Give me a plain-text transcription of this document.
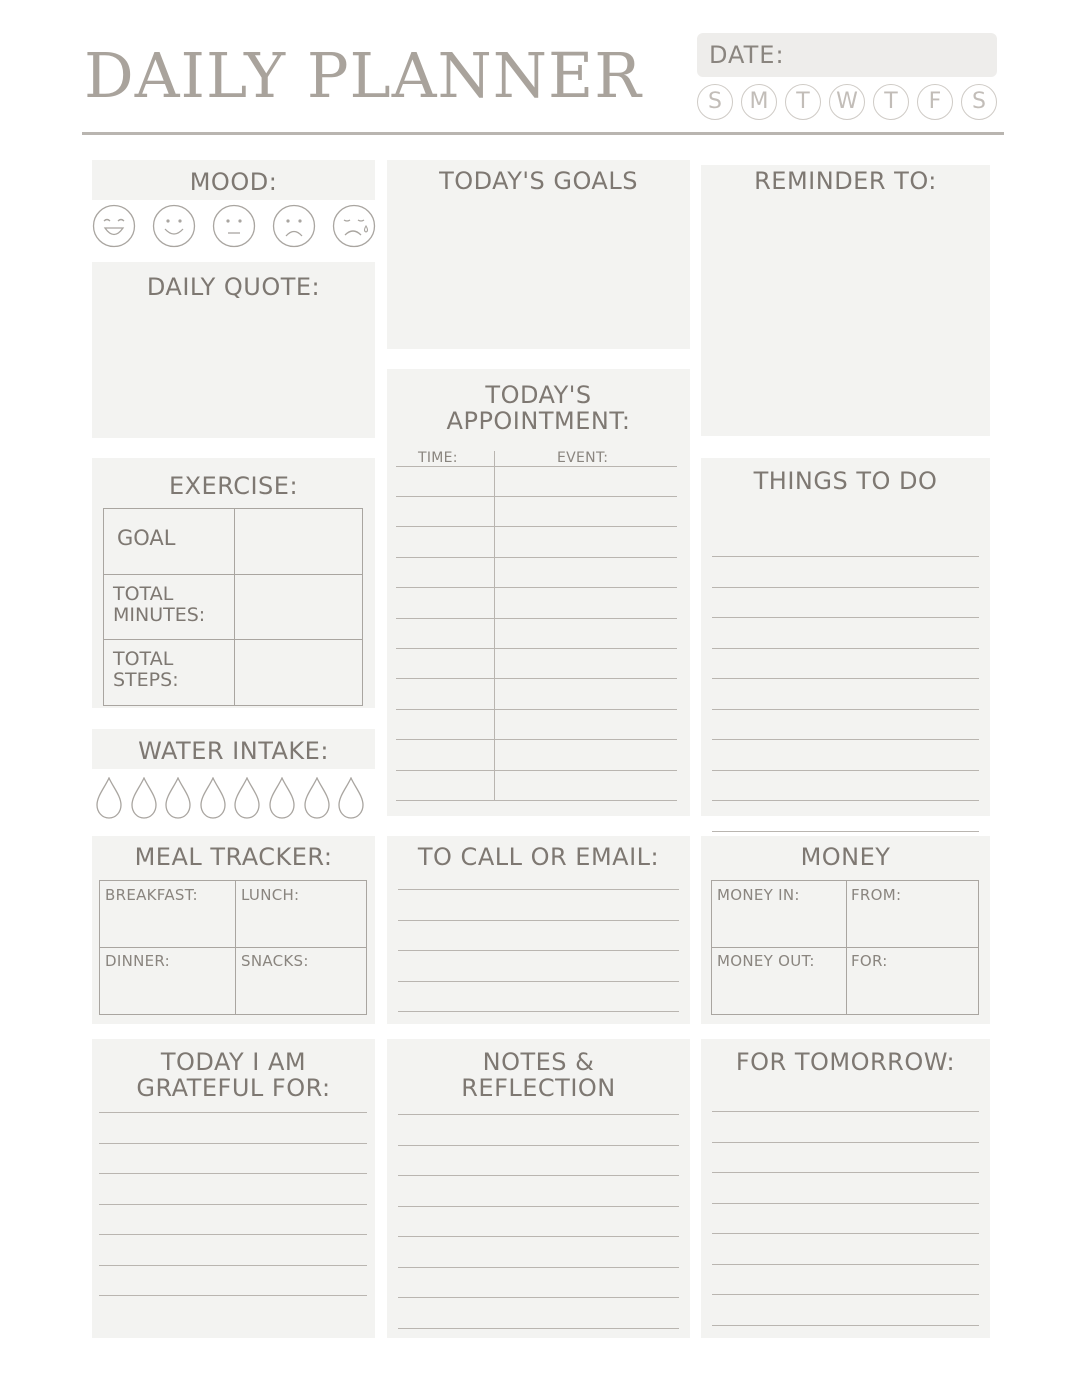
DAILY PLANNER	DATE:
S	M	T	W	T	F	S
MOOD:
DAILY QUOTE:
TODAY'S GOALS	REMINDER TO:
TODAY'S
APPOINTMENT:
TIME:	EVENT:
EXERCISE:
GOAL
TOTAL
MINUTES:
TOTAL
STEPS:
WATER INTAKE:
THINGS TO DO
MEAL TRACKER:
BREAKFAST:	LUNCH:
DINNER:	SNACKS:
TO CALL OR EMAIL:	MONEY
MONEY IN:	FROM:
MONEY OUT: FOR:
TODAY I AM
GRATEFUL FOR:
NOTES &
REFLECTION
FOR TOMORROW:
